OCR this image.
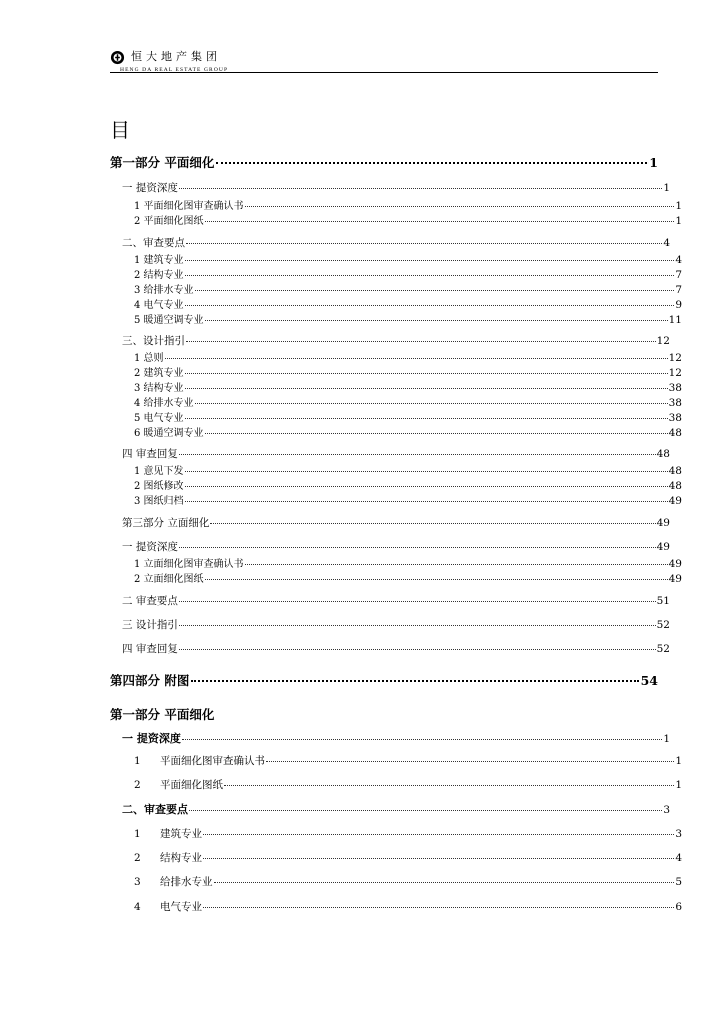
恒大地产集团
HENG DA REAL ESTATE GROUP
目
第一部分 平面细化	1
一 提资深度	1
1 平面细化图审查确认书	1
2 平面细化图纸	1
二、审查要点	4
1 建筑专业	4
2 结构专业	7
3 给排水专业	7
4 电气专业	9
5 暖通空调专业	11
三、设计指引	12
1 总则	12
2 建筑专业	12
3 结构专业	38
4 给排水专业	38
5 电气专业	38
6 暖通空调专业	48
四 审查回复	48
1 意见下发	48
2 图纸修改	48
3 图纸归档	49
第三部分 立面细化	49
一 提资深度	49
1 立面细化图审查确认书	49
2 立面细化图纸	49
二 审查要点	51
三 设计指引	52
四 审查回复	52
第四部分 附图	54
第一部分 平面细化
一 提资深度	1
1 平面细化图审查确认书	1
2 平面细化图纸	1
二、审查要点	3
1 建筑专业	3
2 结构专业	4
3 给排水专业	5
4 电气专业	6
